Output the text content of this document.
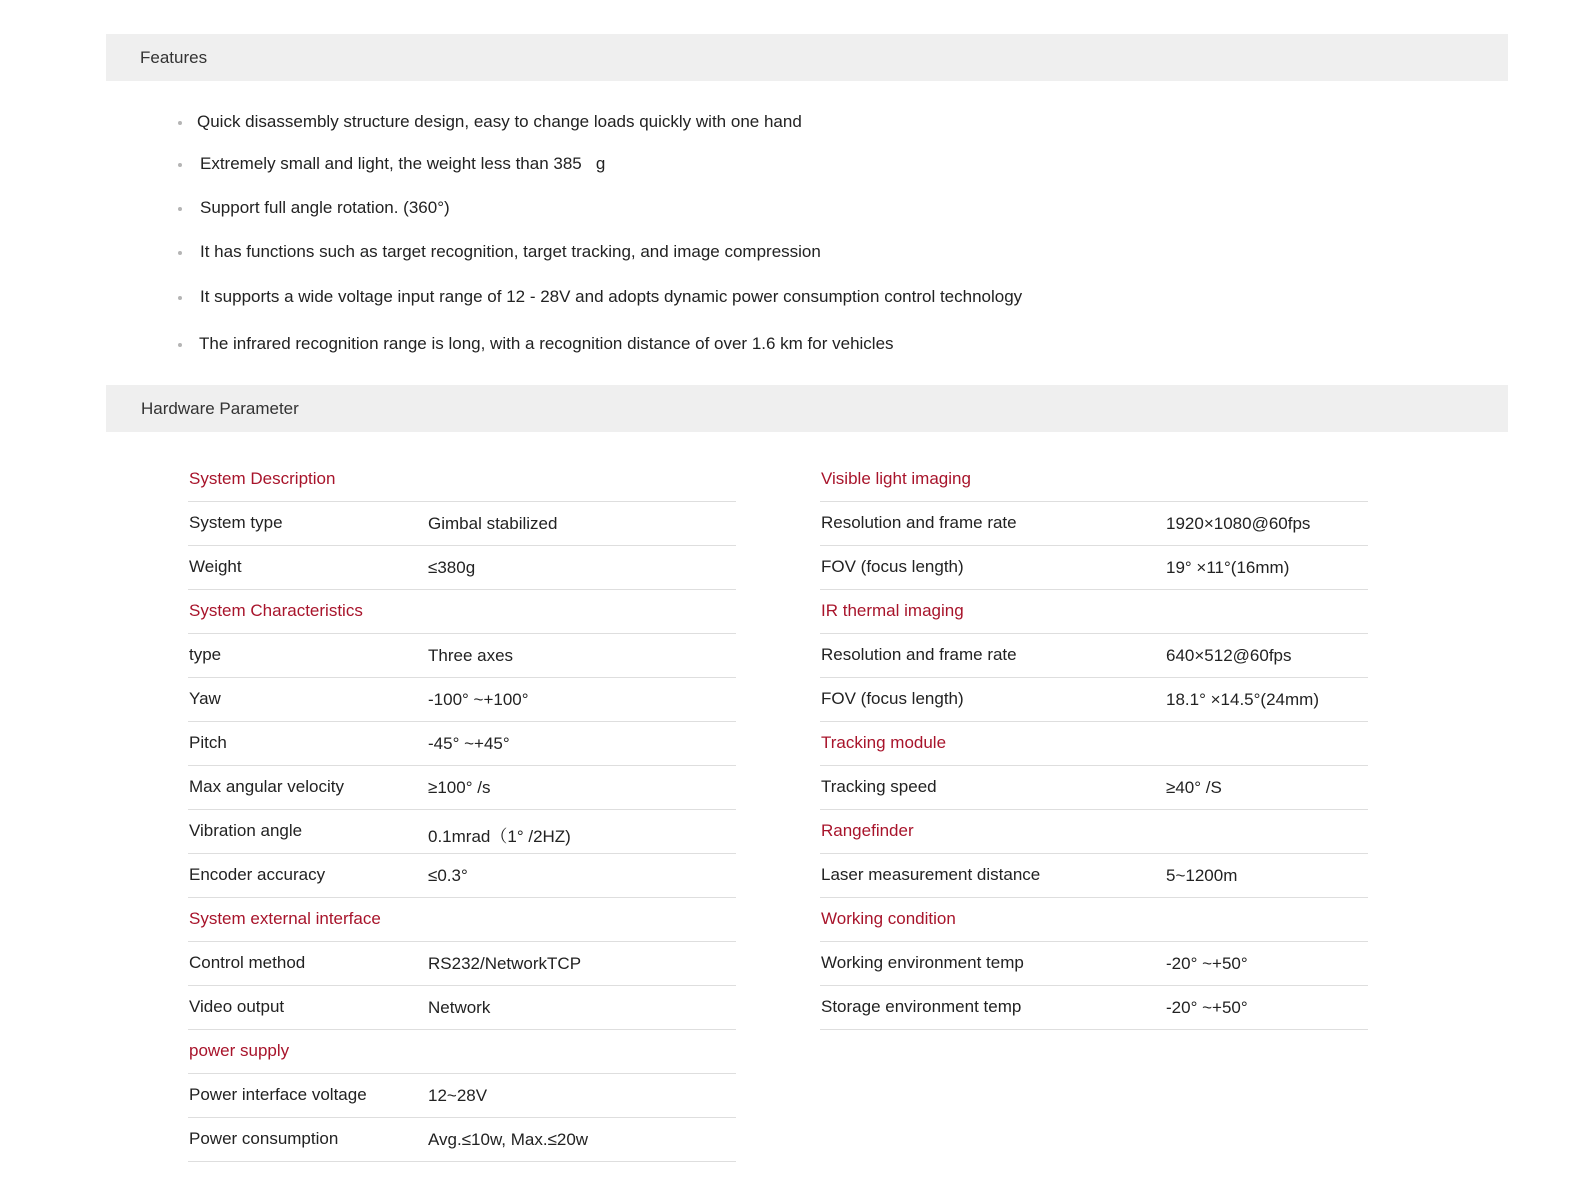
Features
Quick disassembly structure design, easy to change loads quickly with one hand
Extremely small and light, the weight less than 385   g
Support full angle rotation. (360°)
It has functions such as target recognition, target tracking, and image compression
It supports a wide voltage input range of 12 - 28V and adopts dynamic power consumption control technology
The infrared recognition range is long, with a recognition distance of over 1.6 km for vehicles
Hardware Parameter
System Description
System type	Gimbal stabilized
Weight	≤380g
System Characteristics
type	Three axes
Yaw	-100° ~+100°
Pitch	-45° ~+45°
Max angular velocity	≥100° /s
Vibration angle	0.1mrad（1° /2HZ)
Encoder accuracy	≤0.3°
System external interface
Control method	RS232/NetworkTCP
Video output	Network
power supply
Power interface voltage	12~28V
Power consumption	Avg.≤10w, Max.≤20w
Visible light imaging
Resolution and frame rate	1920×1080@60fps
FOV (focus length)	19° ×11°(16mm)
IR thermal imaging
Resolution and frame rate	640×512@60fps
FOV (focus length)	18.1° ×14.5°(24mm)
Tracking module
Tracking speed	≥40° /S
Rangefinder
Laser measurement distance	5~1200m
Working condition
Working environment temp	-20° ~+50°
Storage environment temp	-20° ~+50°
